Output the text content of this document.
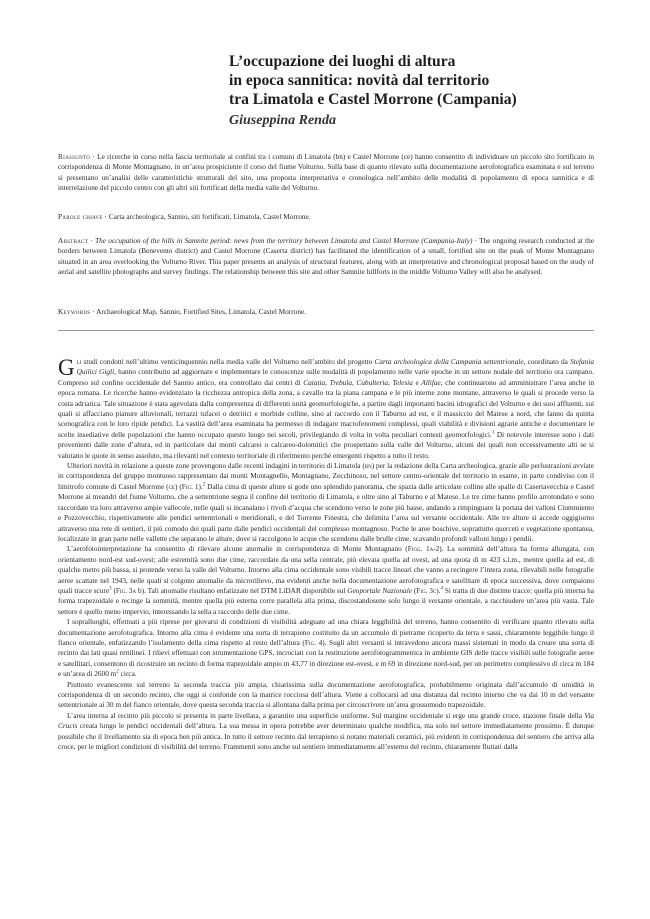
L’occupazione dei luoghi di altura
in epoca sannitica: novità dal territorio
tra Limatola e Castel Morrone (Campania)
Giuseppina Renda

Riassunto · Le ricerche in corso nella fascia territoriale ai confini tra i comuni di Limatola (bn) e Castel Morrone (ce) hanno consentito di individuare un piccolo sito fortificato in corrispondenza di Monte Montagnano, in un’area prospiciente il corso del fiume Volturno. Sulla base di quanto rilevato sulla documentazione aerofotografica esaminata e sul terreno si presentano un’analisi delle caratteristiche strutturali del sito, una proposta interpretativa e cronologica nell’ambito delle modalità di popolamento di epoca sannitica e di interrelazione del piccolo centro con gli altri siti fortificati della media valle del Volturno.

Parole chiave · Carta archeologica, Sannio, siti fortificati, Limatola, Castel Morrone.

Abstract · The occupation of the hills in Samnite period: news from the territory between Limatola and Castel Morrone (Campania-Italy) · The ongoing research conducted at the borders between Limatola (Benevento district) and Castel Morrone (Caserta district) has facilitated the identification of a small, fortified site on the peak of Monte Montagnano situated in an area overlooking the Volturno River. This paper presents an analysis of structural features, along with an interpretative and chronological proposal based on the study of aerial and satellite photographs and survey findings. The relationship between this site and other Samnite hillforts in the middle Volturno Valley will also be analysed.

Keywords · Archaeological Map, Sannio, Fortified Sites, Limatola, Castel Morrone.

Gli studi condotti nell’ultimo venticinquennio nella media valle del Volturno nell’ambito del progetto Carta archeologica della Campania settentrionale, coordinato da Stefania Quilici Gigli, hanno contribuito ad aggiornare e implementare le conoscenze sulle modalità di popolamento nelle varie epoche in un settore nodale del territorio ora campano. Compreso sul confine occidentale del Sannio antico, era controllato dai centri di Caiatia, Trebula, Cubulteria, Telesia e Allifae, che continuarono ad amministrare l’area anche in epoca romana. Le ricerche hanno evidenziato la ricchezza antropica della zona, a cavallo tra la piana campana e le più interne zone montane, attraverso le quali si procede verso la costa adriatica. Tale situazione è stata agevolata dalla compresenza di differenti unità geomorfologiche, a partire dagli importanti bacini idrografici del Volturno e dei suoi affluenti, sui quali si affacciano pianure alluvionali, terrazzi tufacei o detritici e morbide colline, sino al raccordo con il Taburno ad est, e il massiccio del Matese a nord, che fanno da quinta scenografica con le loro ripide pendici. La vastità dell’area esaminata ha permesso di indagare macrofenomeni complessi, quali viabilità e divisioni agrarie antiche e documentare le scelte insediative delle popolazioni che hanno occupato questo luogo nei secoli, privilegiando di volta in volta peculiari contesti geomorfologici.$^1$ Di notevole interesse sono i dati provenienti dalle zone d’altura, ed in particolare dai monti calcarei o calcareo-dolomitici che prospettano sulla valle del Volturno, alcuni dei quali non eccessivamente alti se si valutano le quote in senso assoluto, ma rilevanti nel contesto territoriale di riferimento perché emergenti rispetto a tutto il resto.

Ulteriori novità in relazione a queste zone provengono dalle recenti indagini in territorio di Limatola (bn) per la redazione della Carta archeologica, grazie alle perlustrazioni avviate in corrispondenza del gruppo montuoso rappresentato dai monti Montagnello, Montagnano, Zecchinoso, nel settore centro-orientale del territorio in esame, in parte condiviso con il limitrofo comune di Castel Morrone (ce) (Fig. 1).$^2$ Dalla cima di queste alture si gode uno splendido panorama, che spazia dalle articolate colline alle spalle di Casertavecchia e Castel Morrone ai meandri del fiume Volturno, che a settentrione segna il confine del territorio di Limatola, e oltre sino al Taburno e al Matese. Le tre cime hanno profilo arrotondato e sono raccordate tra loro attraverso ampie vallecole, nelle quali si incanalano i rivoli d’acqua che scendono verso le zone più basse, andando a rimpinguare la portata dei valloni Ciummiento e Pozzovecchio, rispettivamente alle pendici settentrionali e meridionali, e del Torrente Finestra, che delimita l’area sul versante occidentale. Alle tre alture si accede oggigiorno attraverso una rete di sentieri, il più comodo dei quali parte dalle pendici occidentali del complesso montagnoso. Poche le aree boschive, soprattutto querceti e vegetazione spontanea, localizzate in gran parte nelle vallette che separano le alture, dove si raccolgono le acque che scendono dalle brulle cime, scavando profondi valloni lungo i pendii.

L’aerofotointerpretazione ha consentito di rilevare alcune anomalie in corrispondenza di Monte Montagnano (Figg. 1a-2). La sommità dell’altura ha forma allungata, con orientamento nord-est sud-ovest; alle estremità sono due cime, raccordate da una sella centrale, più elevata quella ad ovest, ad una quota di m 423 s.l.m., mentre quella ad est, di qualche metro più bassa, si protende verso la valle del Volturno. Intorno alla cima occidentale sono visibili tracce lineari che vanno a recingere l’intera zona, rilevabili nelle fotografie aeree scattate nel 1943, nelle quali si colgono anomalie da microrilievo, ma evidenti anche nella documentazione aerofotografica e satellitare di epoca successiva, dove compaiono quali tracce scure$^3$ (Fig. 3a b). Tali anomalie risultano enfatizzate nel DTM LiDAR disponibile sul Geoportale Nazionale (Fig. 3c).$^4$ Si tratta di due distinte tracce: quella più interna ha forma trapezoidale e recinge la sommità, mentre quella più esterna corre parallela alla prima, discostandosene solo lungo il versante orientale, a racchiudere un’area più vasta. Tale settore è quello meno impervio, interessando la sella a raccordo delle due cime.

I sopralluoghi, effettuati a più riprese per giovarsi di condizioni di visibilità adeguate ad una chiara leggibilità del terreno, hanno consentito di verificare quanto rilevato sulla documentazione aerofotografica. Intorno alla cima è evidente una sorta di terrapieno costituito da un accumulo di pietrame ricoperto da terra e sassi, chiaramente leggibile lungo il fianco orientale, enfatizzando l’isolamento della cima rispetto al resto dell’altura (Fig. 4). Sugli altri versanti si intravedono ancora massi sistemati in modo da creare una sorta di recinto dai lati quasi rettilinei. I rilievi effettuati con strumentazione GPS, incrociati con la restituzione aerofotogrammetrica in ambiente GIS delle tracce visibili sulle fotografie aeree e satellitari, consentono di ricostruire un recinto di forma trapezoidale ampio m 43,77 in direzione est-ovest, e m 69 in direzione nord-sud, per un perimetro complessivo di circa m 184 e un’area di 2600 $m^2$ circa.

Piuttosto evanescente sul terreno la seconda traccia più ampia, chiarissima sulla documentazione aerofotografica, probabilmente originata dall’accumulo di umidità in corrispondenza di un secondo recinto, che oggi si confonde con la matrice rocciosa dell’altura. Viene a collocarsi ad una distanza dal recinto interno che va dai 10 m del versante settentrionale ai 30 m del fianco orientale, dove questa seconda traccia si allontana dalla prima per circoscrivere un’area grossomodo trapezoidale.

L’area interna al recinto più piccolo si presenta in parte livellata, a garantire una superficie uniforme. Sul margine occidentale si erge una grande croce, stazione finale della Via Crucis creata lungo le pendici occidentali dell’altura. La sua messa in opera potrebbe aver determinato qualche modifica, ma solo nel settore immediatamente prossimo. È dunque possibile che il livellamento sia di epoca ben più antica. In tutto il settore recinto dal terrapieno si notano materiali ceramici, più evidenti in corrispondenza del sentiero che arriva alla croce, per le migliori condizioni di visibilità del terreno. Frammenti sono anche sul sentiero immediatamente all’esterno del recinto, chiaramente fluitati dalla
